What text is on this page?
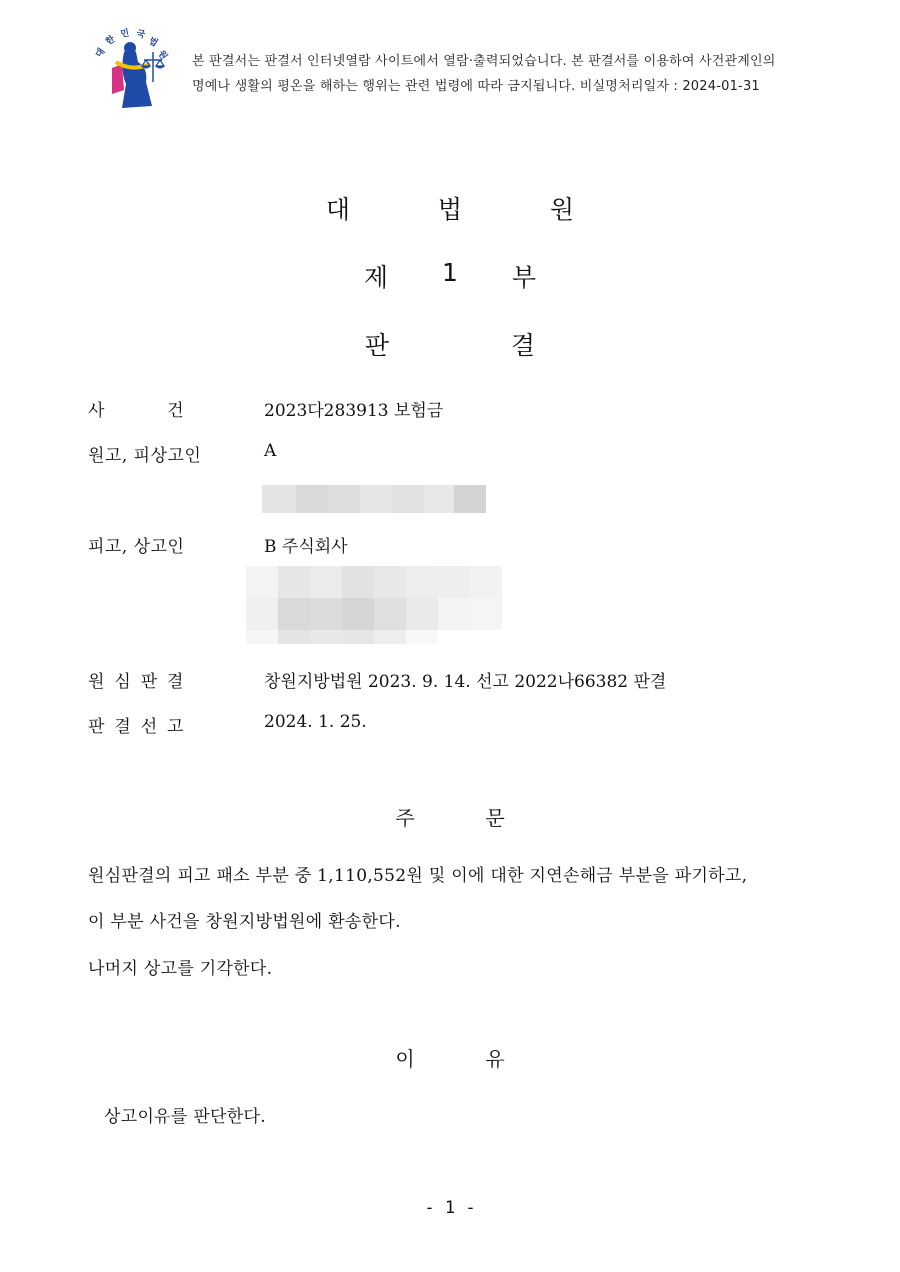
대
한
민 국
법
원 본 판결서는 판결서 인터넷열람 사이트에서 열람·출력되었습니다. 본 판결서를 이용하여 사건관계인의
명예나 생활의 평온을 해하는 행위는 관련 법령에 따라 금지됩니다. 비실명처리일자 : 2024-01-31
대	법	원
제	1	부
판	결
사	건	2023다283913 보험금
원고, 피상고인	A
피고, 상고인	B 주식회사
원 심 판 결	창원지방법원 2023. 9. 14. 선고 2022나66382 판결
판 결 선 고	2024. 1. 25.
주	문
원심판결의 피고 패소 부분 중 1,110,552원 및 이에 대한 지연손해금 부분을 파기하고,
이 부분 사건을 창원지방법원에 환송한다.
나머지 상고를 기각한다.
이	유
상고이유를 판단한다.
- 1 -
